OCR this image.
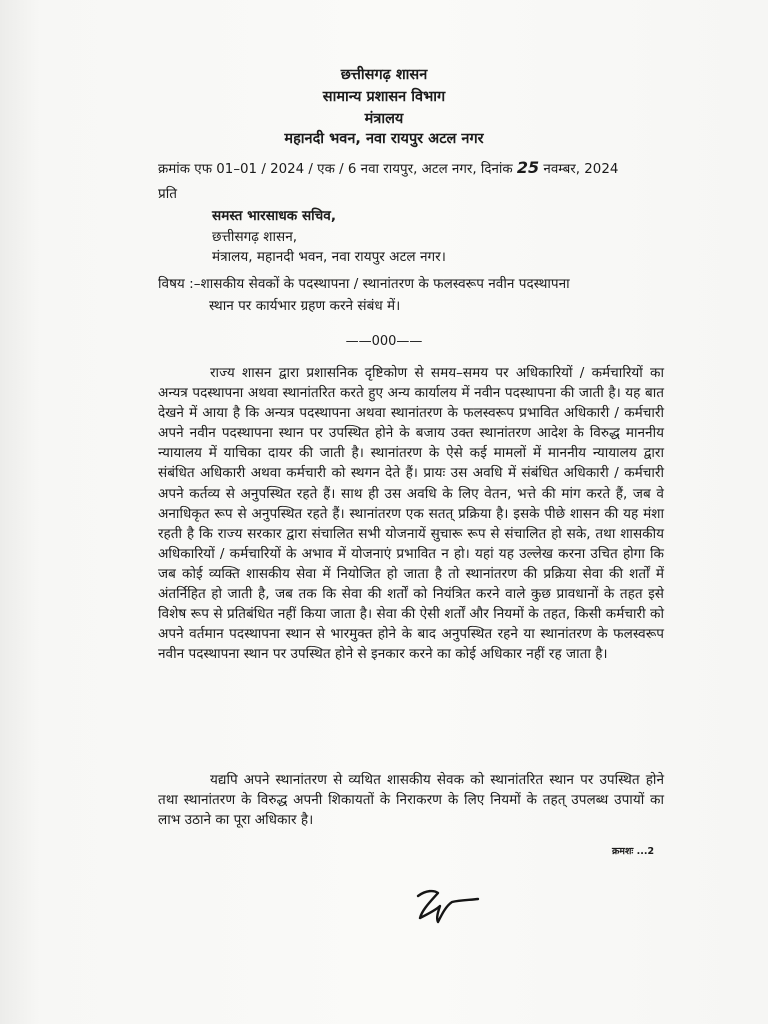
छत्तीसगढ़ शासन
सामान्य प्रशासन विभाग
मंत्रालय
महानदी भवन, नवा रायपुर अटल नगर
क्रमांक एफ 01–01 / 2024 / एक / 6 नवा रायपुर, अटल नगर, दिनांक 25 नवम्बर, 2024
प्रति
समस्त भारसाधक सचिव,
छत्तीसगढ़ शासन,
मंत्रालय, महानदी भवन, नवा रायपुर अटल नगर।
विषय :–शासकीय सेवकों के पदस्थापना / स्थानांतरण के फलस्वरूप नवीन पदस्थापना
स्थान पर कार्यभार ग्रहण करने संबंध में।
——000——
राज्य शासन द्वारा प्रशासनिक दृष्टिकोण से समय–समय पर अधिकारियों / कर्मचारियों का अन्यत्र पदस्थापना अथवा स्थानांतरित करते हुए अन्य कार्यालय में नवीन पदस्थापना की जाती है। यह बात देखने में आया है कि अन्यत्र पदस्थापना अथवा स्थानांतरण के फलस्वरूप प्रभावित अधिकारी / कर्मचारी अपने नवीन पदस्थापना स्थान पर उपस्थित होने के बजाय उक्त स्थानांतरण आदेश के विरुद्ध माननीय न्यायालय में याचिका दायर की जाती है। स्थानांतरण के ऐसे कई मामलों में माननीय न्यायालय द्वारा संबंधित अधिकारी अथवा कर्मचारी को स्थगन देते हैं। प्रायः उस अवधि में संबंधित अधिकारी / कर्मचारी अपने कर्तव्य से अनुपस्थित रहते हैं। साथ ही उस अवधि के लिए वेतन, भत्ते की मांग करते हैं, जब वे अनाधिकृत रूप से अनुपस्थित रहते हैं। स्थानांतरण एक सतत् प्रक्रिया है। इसके पीछे शासन की यह मंशा रहती है कि राज्य सरकार द्वारा संचालित सभी योजनायें सुचारू रूप से संचालित हो सके, तथा शासकीय अधिकारियों / कर्मचारियों के अभाव में योजनाएं प्रभावित न हो। यहां यह उल्लेख करना उचित होगा कि जब कोई व्यक्ति शासकीय सेवा में नियोजित हो जाता है तो स्थानांतरण की प्रक्रिया सेवा की शर्तों में अंतर्निहित हो जाती है, जब तक कि सेवा की शर्तों को नियंत्रित करने वाले कुछ प्रावधानों के तहत इसे विशेष रूप से प्रतिबंधित नहीं किया जाता है। सेवा की ऐसी शर्तों और नियमों के तहत, किसी कर्मचारी को अपने वर्तमान पदस्थापना स्थान से भारमुक्त होने के बाद अनुपस्थित रहने या स्थानांतरण के फलस्वरूप नवीन पदस्थापना स्थान पर उपस्थित होने से इनकार करने का कोई अधिकार नहीं रह जाता है।
यद्यपि अपने स्थानांतरण से व्यथित शासकीय सेवक को स्थानांतरित स्थान पर उपस्थित होने तथा स्थानांतरण के विरुद्ध अपनी शिकायतों के निराकरण के लिए नियमों के तहत् उपलब्ध उपायों का लाभ उठाने का पूरा अधिकार है।
क्रमशः ...2
